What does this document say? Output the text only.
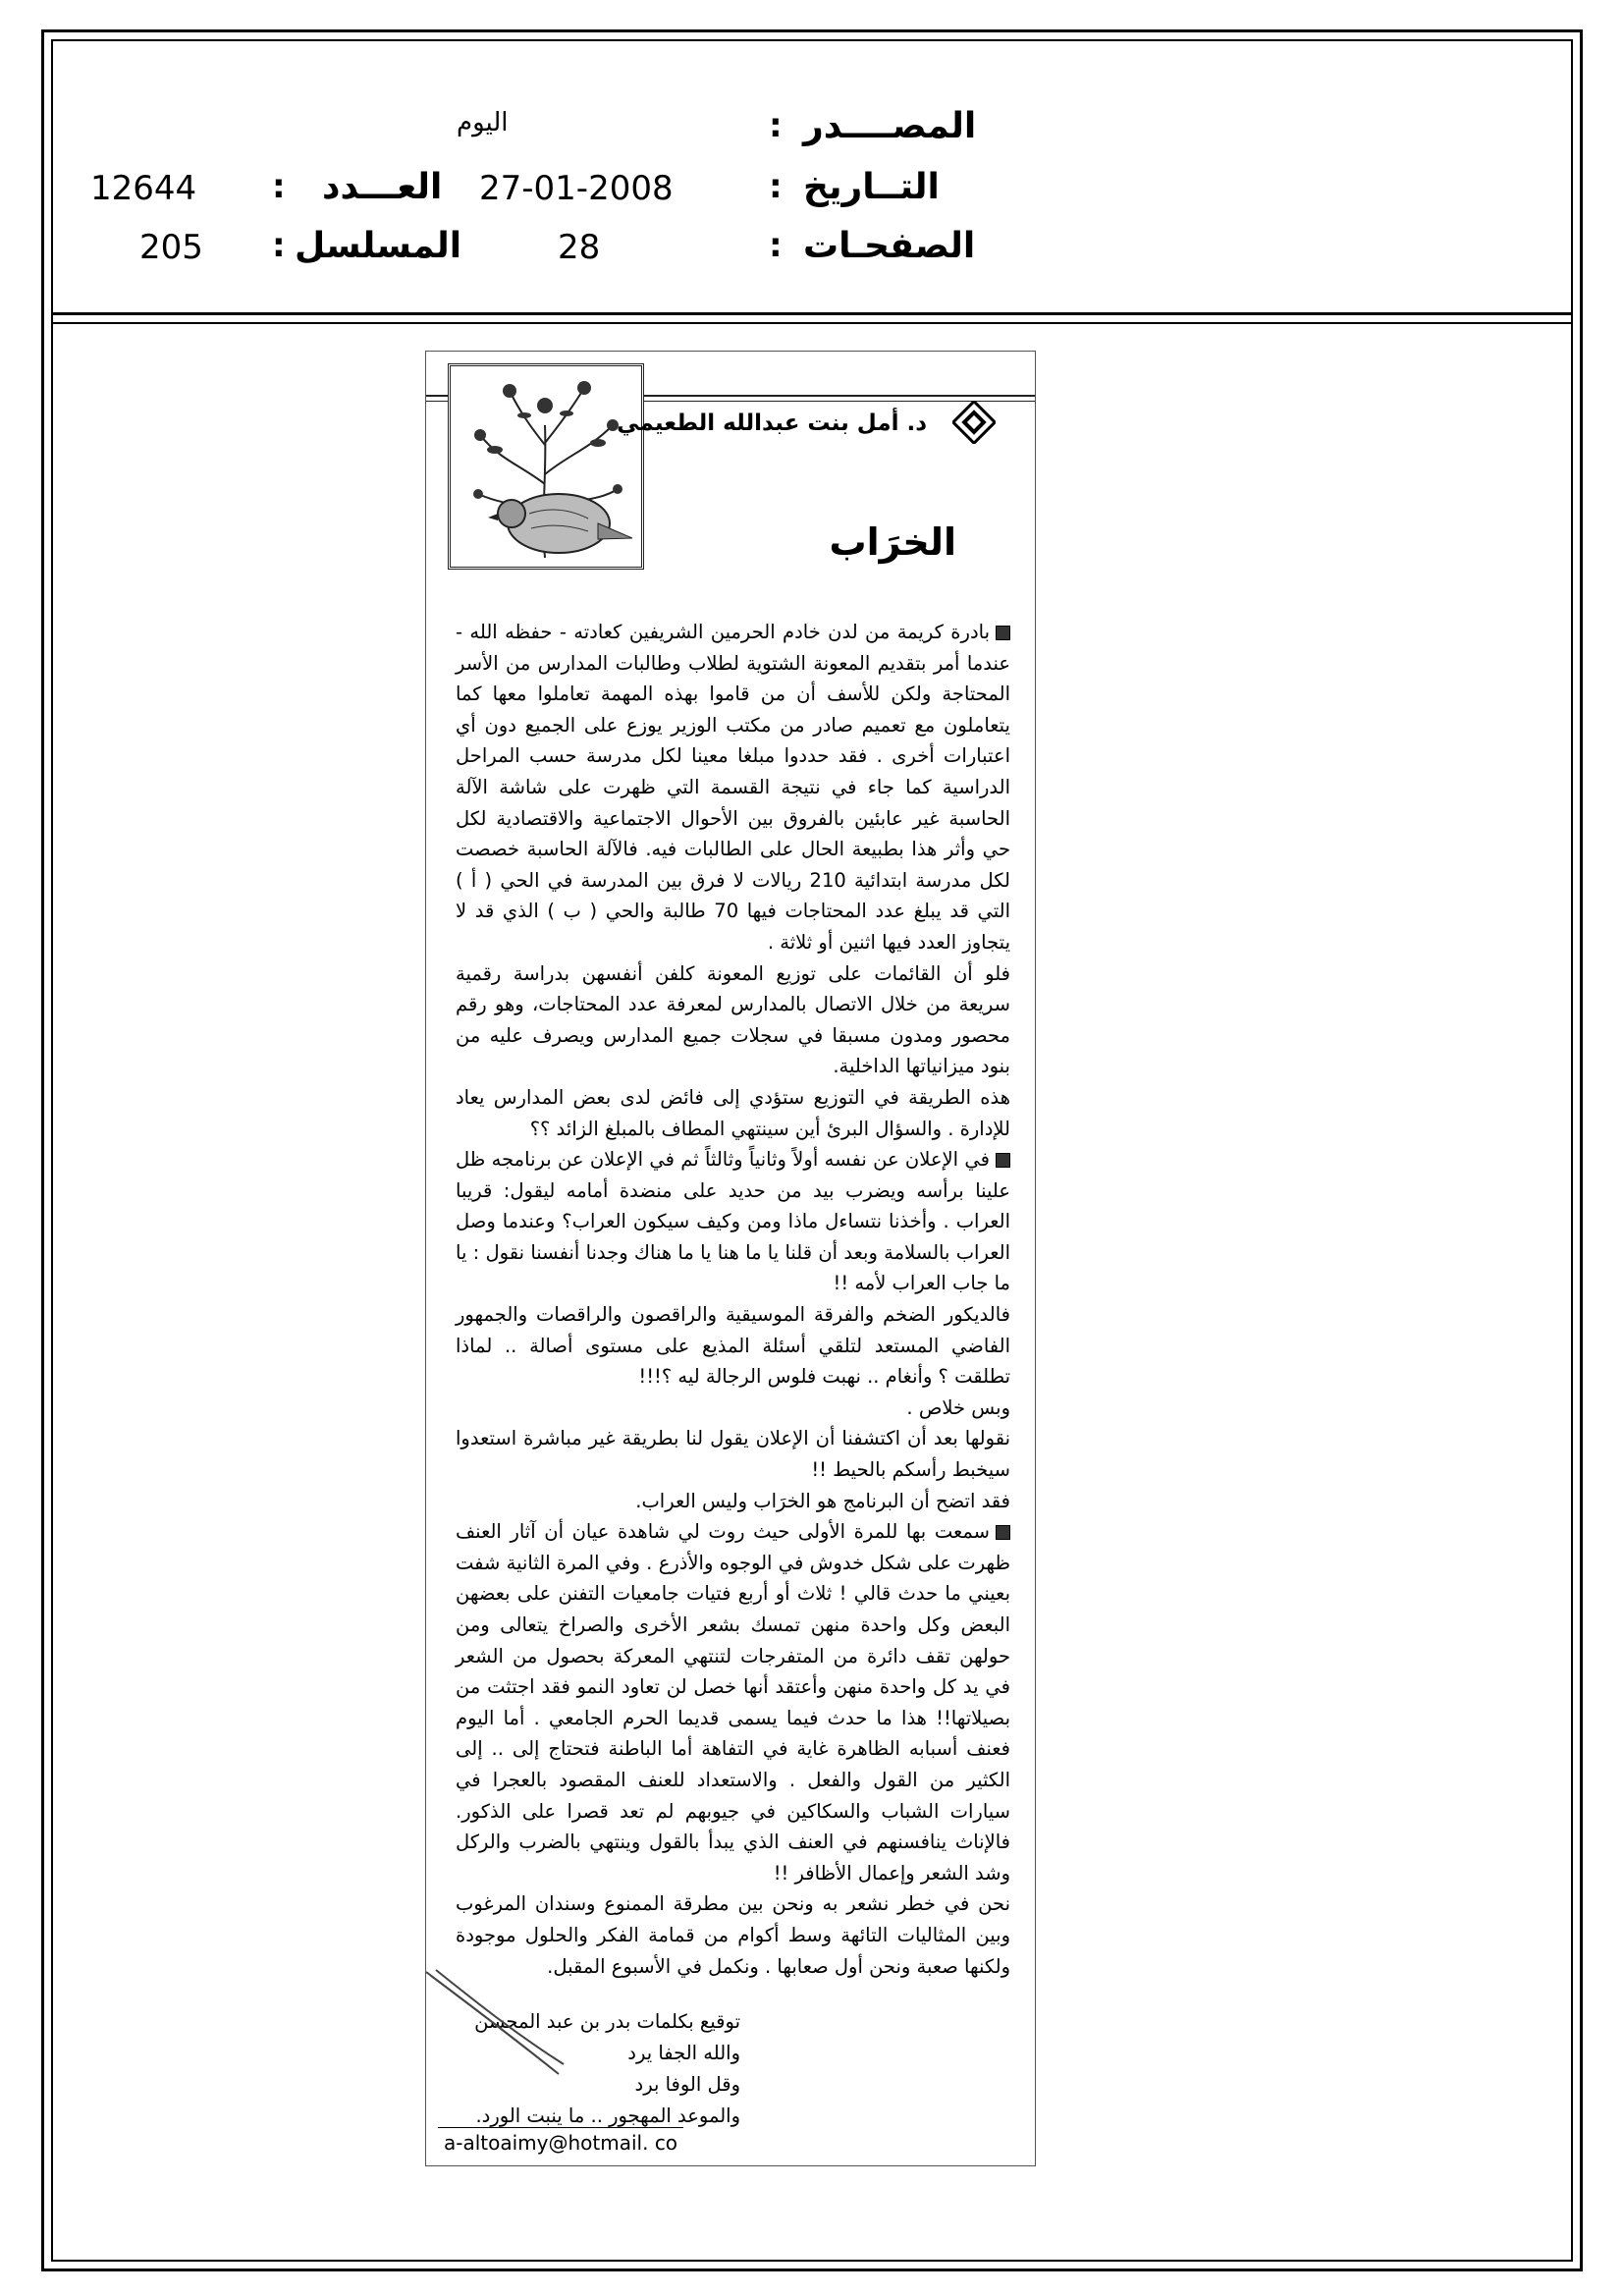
المصــــدر
:
اليوم
التــاريخ
:
27-01-2008
العـــدد
:
12644
الصفحـات
:
28
المسلسل
:
205
د. أمل بنت عبدالله الطعيمي
الخرَاب

بادرة كريمة من لدن خادم الحرمين الشريفين كعادته - حفظه الله - عندما أمر بتقديم المعونة الشتوية لطلاب وطالبات المدارس من الأسر المحتاجة ولكن للأسف أن من قاموا بهذه المهمة تعاملوا معها كما يتعاملون مع تعميم صادر من مكتب الوزير يوزع على الجميع دون أي اعتبارات أخرى . فقد حددوا مبلغا معينا لكل مدرسة حسب المراحل الدراسية كما جاء في نتيجة القسمة التي ظهرت على شاشة الآلة الحاسبة غير عابئين بالفروق بين الأحوال الاجتماعية والاقتصادية لكل حي وأثر هذا بطبيعة الحال على الطالبات فيه. فالآلة الحاسبة خصصت لكل مدرسة ابتدائية 210 ريالات لا فرق بين المدرسة في الحي ( أ ) التي قد يبلغ عدد المحتاجات فيها 70 طالبة والحي ( ب ) الذي قد لا يتجاوز العدد فيها اثنين أو ثلاثة .

فلو أن القائمات على توزيع المعونة كلفن أنفسهن بدراسة رقمية سريعة من خلال الاتصال بالمدارس لمعرفة عدد المحتاجات، وهو رقم محصور ومدون مسبقا في سجلات جميع المدارس ويصرف عليه من بنود ميزانياتها الداخلية.

هذه الطريقة في التوزيع ستؤدي إلى فائض لدى بعض المدارس يعاد للإدارة . والسؤال البرئ أين سينتهي المطاف بالمبلغ الزائد ؟؟

في الإعلان عن نفسه أولاً وثانياً وثالثاً ثم في الإعلان عن برنامجه ظل علينا برأسه ويضرب بيد من حديد على منضدة أمامه ليقول: قريبا العراب . وأخذنا نتساءل ماذا ومن وكيف سيكون العراب؟ وعندما وصل العراب بالسلامة وبعد أن قلنا يا ما هنا يا ما هناك وجدنا أنفسنا نقول : يا ما جاب العراب لأمه !!

فالديكور الضخم والفرقة الموسيقية والراقصون والراقصات والجمهور الفاضي المستعد لتلقي أسئلة المذيع على مستوى أصالة .. لماذا تطلقت ؟ وأنغام .. نهبت فلوس الرجالة ليه ؟!!!

وبس خلاص .

نقولها بعد أن اكتشفنا أن الإعلان يقول لنا بطريقة غير مباشرة استعدوا سيخبط رأسكم بالحيط !!

فقد اتضح أن البرنامج هو الخرَاب وليس العراب.

سمعت بها للمرة الأولى حيث روت لي شاهدة عيان أن آثار العنف ظهرت على شكل خدوش في الوجوه والأذرع . وفي المرة الثانية شفت بعيني ما حدث قالي ! ثلاث أو أربع فتيات جامعيات التفنن على بعضهن البعض وكل واحدة منهن تمسك بشعر الأخرى والصراخ يتعالى ومن حولهن تقف دائرة من المتفرجات لتنتهي المعركة بحصول من الشعر في يد كل واحدة منهن وأعتقد أنها خصل لن تعاود النمو فقد اجتثت من بصيلاتها!! هذا ما حدث فيما يسمى قديما الحرم الجامعي . أما اليوم فعنف أسبابه الظاهرة غاية في التفاهة أما الباطنة فتحتاج إلى .. إلى الكثير من القول والفعل . والاستعداد للعنف المقصود بالعجرا في سيارات الشباب والسكاكين في جيوبهم لم تعد قصرا على الذكور. فالإناث ينافسنهم في العنف الذي يبدأ بالقول وينتهي بالضرب والركل وشد الشعر وإعمال الأظافر !!

نحن في خطر نشعر به ونحن بين مطرقة الممنوع وسندان المرغوب وبين المثاليات التائهة وسط أكوام من قمامة الفكر والحلول موجودة ولكنها صعبة ونحن أول صعابها . ونكمل في الأسبوع المقبل.

توقيع بكلمات بدر بن عبد المحسن
والله الجفا يرد
وقل الوفا برد
والموعد المهجور .. ما ينبت الورد.
a-altoaimy@hotmail. co
